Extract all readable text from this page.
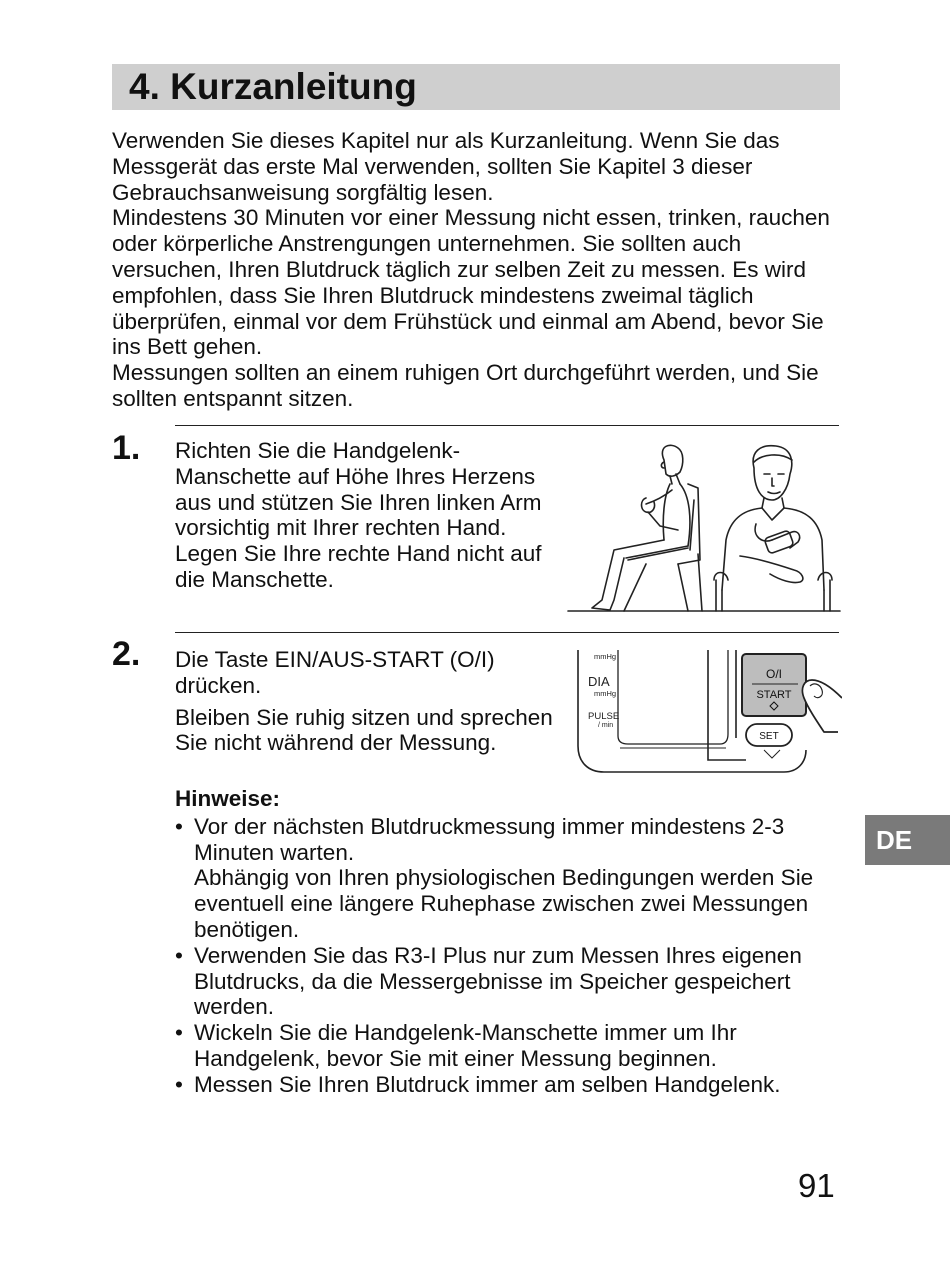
4. Kurzanleitung

Verwenden Sie dieses Kapitel nur als Kurzanleitung. Wenn Sie das Messgerät das erste Mal verwenden, sollten Sie Kapitel 3 dieser Gebrauchsanweisung sorgfältig lesen.

Mindestens 30 Minuten vor einer Messung nicht essen, trinken, rauchen oder körperliche Anstrengungen unternehmen. Sie sollten auch versuchen, Ihren Blutdruck täglich zur selben Zeit zu messen. Es wird empfohlen, dass Sie Ihren Blutdruck mindestens zweimal täglich überprüfen, einmal vor dem Frühstück und einmal am Abend, bevor Sie ins Bett gehen.

Messungen sollten an einem ruhigen Ort durchgeführt werden, und Sie sollten entspannt sitzen.

1. Richten Sie die Handgelenk-Manschette auf Höhe Ihres Herzens aus und stützen Sie Ihren linken Arm vorsichtig mit Ihrer rechten Hand. Legen Sie Ihre rechte Hand nicht auf die Manschette.

2. Die Taste EIN/AUS-START (O/I) drücken.

Bleiben Sie ruhig sitzen und sprechen Sie nicht während der Messung.

mmHg
DIA
mmHg
PULSE
/ min
O/I
START
SET
Hinweise:
• Vor der nächsten Blutdruckmessung immer mindestens 2-3 Minuten warten.

Abhängig von Ihren physiologischen Bedingungen werden Sie eventuell eine längere Ruhephase zwischen zwei Messungen benötigen.

• Verwenden Sie das R3-I Plus nur zum Messen Ihres eigenen Blutdrucks, da die Messergebnisse im Speicher gespeichert werden.

• Wickeln Sie die Handgelenk-Manschette immer um Ihr Handgelenk, bevor Sie mit einer Messung beginnen.

• Messen Sie Ihren Blutdruck immer am selben Handgelenk.

DE
91
